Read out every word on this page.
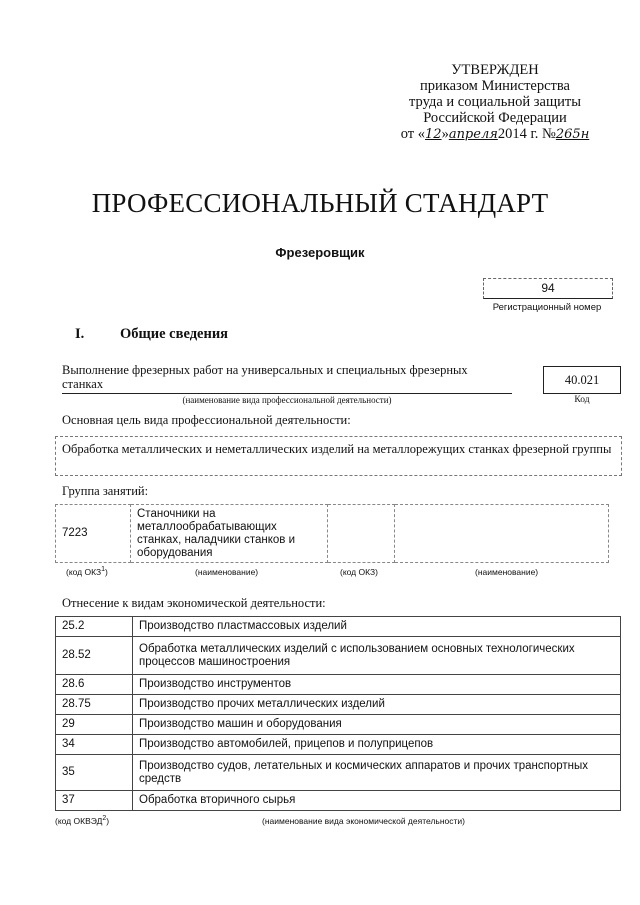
УТВЕРЖДЕН
приказом Министерства
труда и социальной защиты
Российской Федерации
от «12»апреля2014 г. №265н
ПРОФЕССИОНАЛЬНЫЙ СТАНДАРТ
Фрезеровщик
94
Регистрационный номер
I. Общие сведения
Выполнение фрезерных работ на универсальных и специальных фрезерных станках
(наименование вида профессиональной деятельности)
40.021
Код
Основная цель вида профессиональной деятельности:
Обработка металлических и неметаллических изделий на металлорежущих станках фрезерной группы
Группа занятий:
7223	Станочники на металлообрабатывающих станках, наладчики станков и оборудования		
(код ОКЗ$^1$)	(наименование)	(код ОКЗ)	(наименование)
Отнесение к видам экономической деятельности:
25.2	Производство пластмассовых изделий
28.52	Обработка металлических изделий с использованием основных технологических процессов машиностроения
28.6	Производство инструментов
28.75	Производство прочих металлических изделий
29	Производство машин и оборудования
34	Производство автомобилей, прицепов и полуприцепов
35	Производство судов, летательных и космических аппаратов и прочих транспортных средств
37	Обработка вторичного сырья
(код ОКВЭД$^2$)	(наименование вида экономической деятельности)
